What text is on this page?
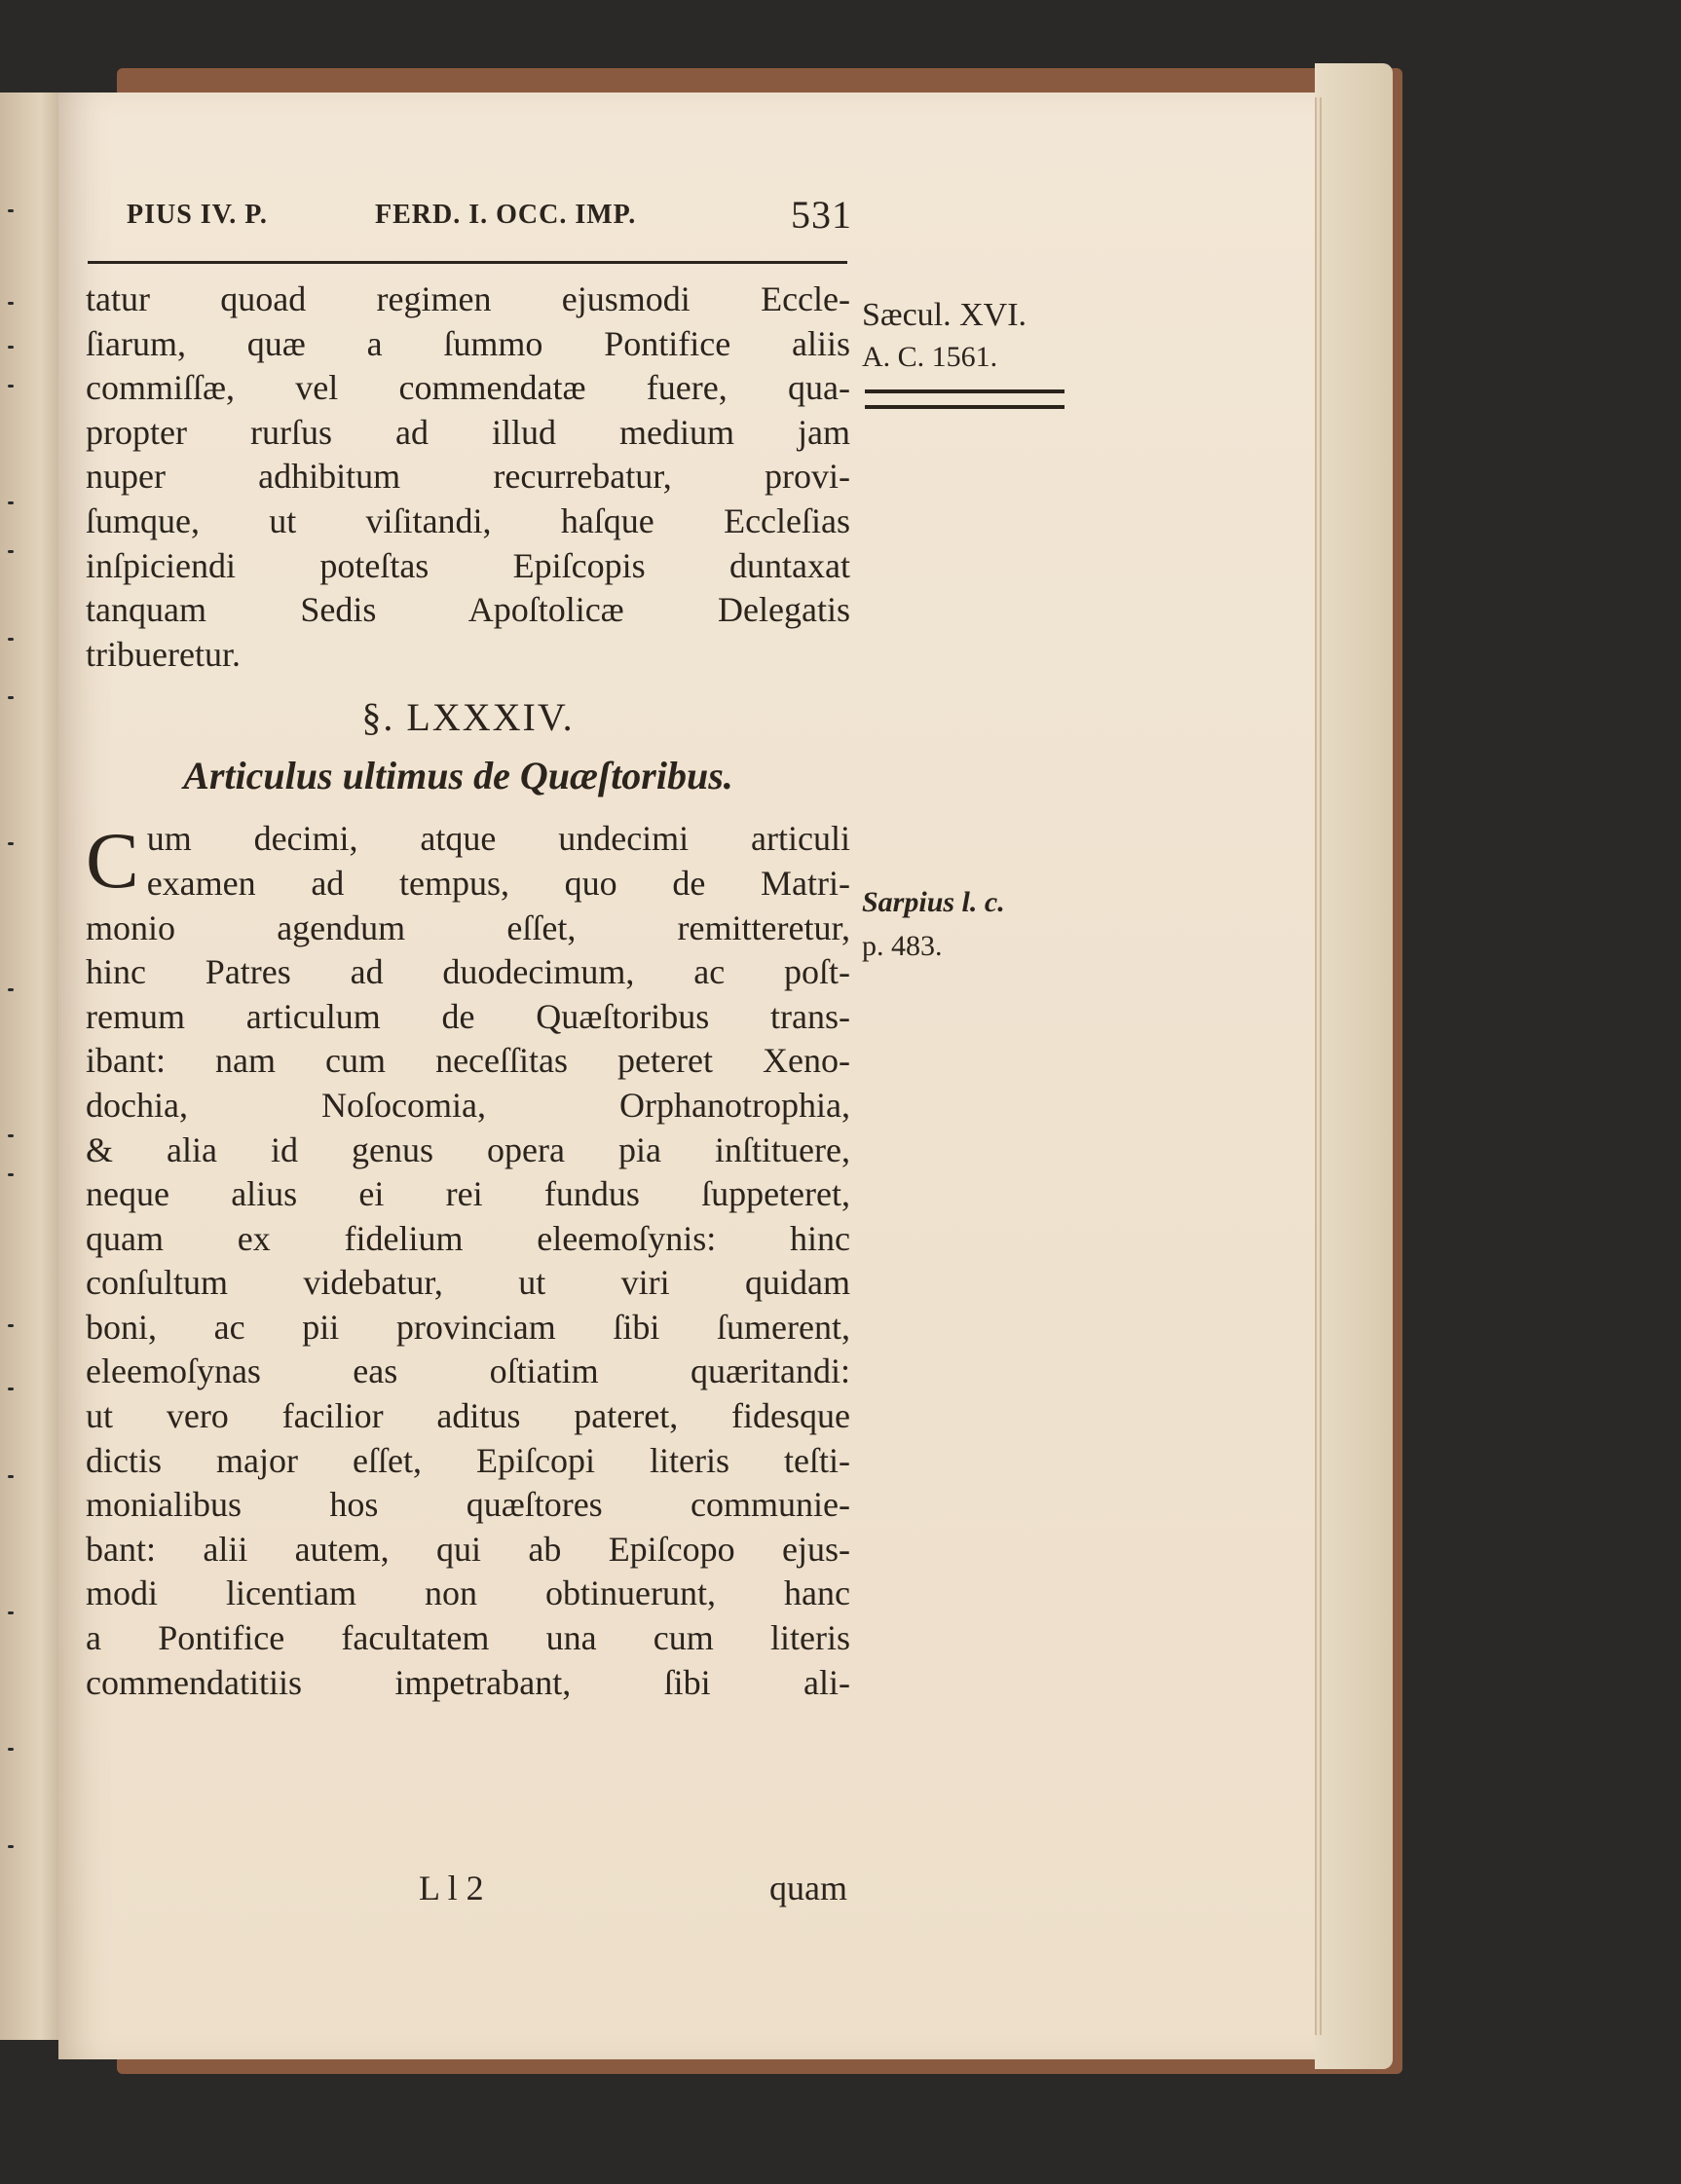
PIUS IV. P.	FERD. I. OCC. IMP.	531
Sæcul. XVI.
A. C. 1561.
Sarpius l. c.
p. 483.
tatur quoad regimen ejusmodi Eccle-
ſiarum, quæ a ſummo Pontifice aliis
commiſſæ, vel commendatæ fuere, qua-
propter rurſus ad illud medium jam
nuper adhibitum recurrebatur, provi-
ſumque, ut viſitandi, haſque Eccleſias
inſpiciendi poteſtas Epiſcopis duntaxat
tanquam Sedis Apoſtolicæ Delegatis
tribueretur.
§. LXXXIV.
Articulus ultimus de Quæſtoribus.
C um decimi, atque undecimi articuli
examen ad tempus, quo de Matri-
monio agendum eſſet, remitteretur,
hinc Patres ad duodecimum, ac poſt-
remum articulum de Quæſtoribus trans-
ibant: nam cum neceſſitas peteret Xeno-
dochia, Noſocomia, Orphanotrophia,
& alia id genus opera pia inſtituere,
neque alius ei rei fundus ſuppeteret,
quam ex fidelium eleemoſynis: hinc
conſultum videbatur, ut viri quidam
boni, ac pii provinciam ſibi ſumerent,
eleemoſynas eas oſtiatim quæritandi:
ut vero facilior aditus pateret, fidesque
dictis major eſſet, Epiſcopi literis teſti-
monialibus hos quæſtores communie-
bant: alii autem, qui ab Epiſcopo ejus-
modi licentiam non obtinuerunt, hanc
a Pontifice facultatem una cum literis
commendatitiis impetrabant, ſibi ali-
L l 2	quam
